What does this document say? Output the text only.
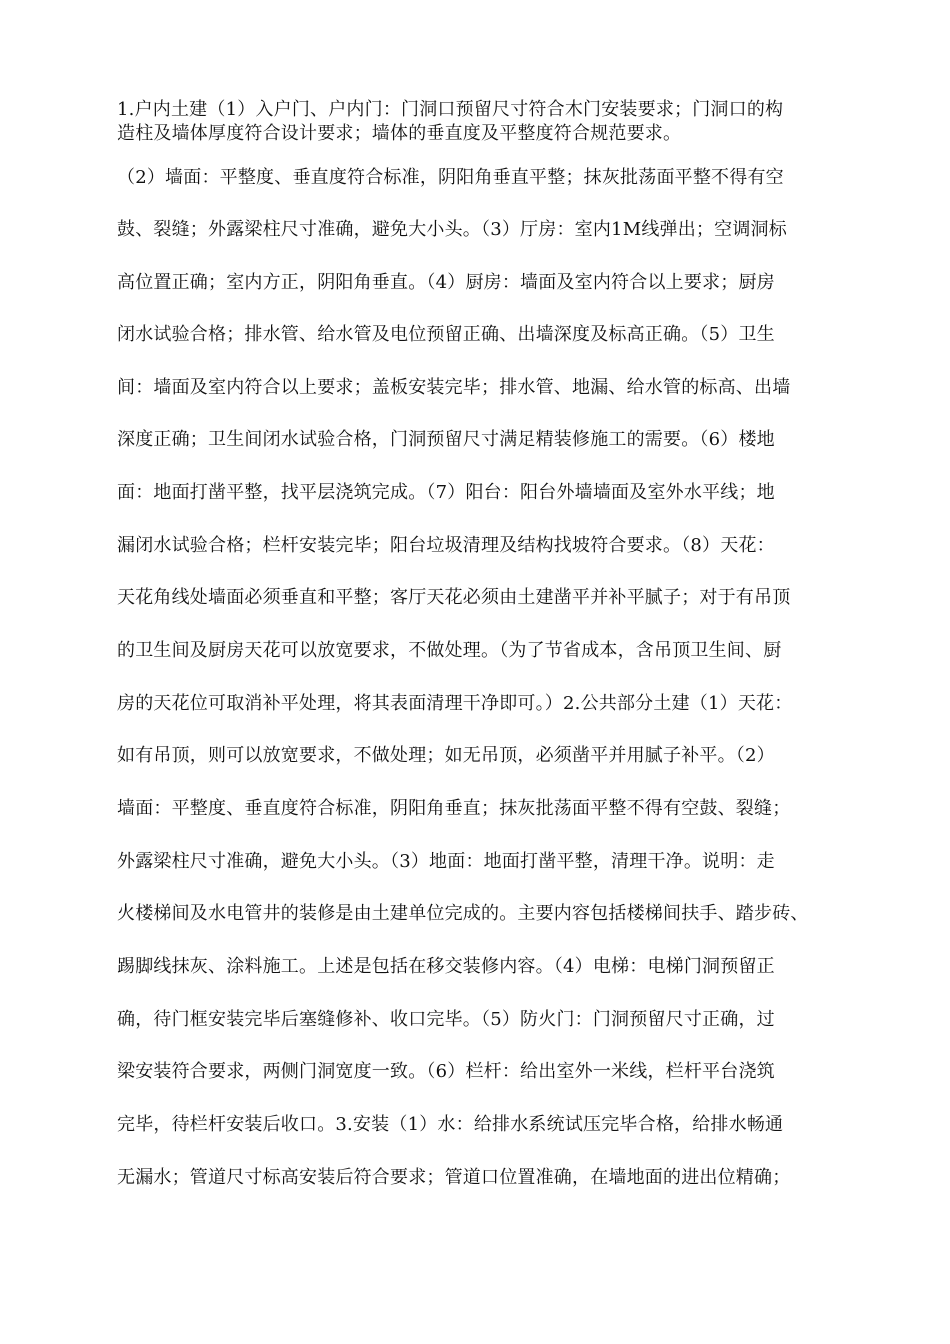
1.户内土建（1）入户门、户内门：门洞口预留尺寸符合木门安装要求；门洞口的构
造柱及墙体厚度符合设计要求；墙体的垂直度及平整度符合规范要求。
（2）墙面：平整度、垂直度符合标准，阴阳角垂直平整；抹灰批荡面平整不得有空
鼓、裂缝；外露梁柱尺寸准确，避免大小头。（3）厅房：室内1M线弹出；空调洞标
高位置正确；室内方正，阴阳角垂直。（4）厨房：墙面及室内符合以上要求；厨房
闭水试验合格；排水管、给水管及电位预留正确、出墙深度及标高正确。（5）卫生
间：墙面及室内符合以上要求；盖板安装完毕；排水管、地漏、给水管的标高、出墙
深度正确；卫生间闭水试验合格，门洞预留尺寸满足精装修施工的需要。（6）楼地
面：地面打凿平整，找平层浇筑完成。（7）阳台：阳台外墙墙面及室外水平线；地
漏闭水试验合格；栏杆安装完毕；阳台垃圾清理及结构找坡符合要求。（8）天花：
天花角线处墙面必须垂直和平整；客厅天花必须由土建凿平并补平腻子；对于有吊顶
的卫生间及厨房天花可以放宽要求，不做处理。（为了节省成本，含吊顶卫生间、厨
房的天花位可取消补平处理，将其表面清理干净即可。）2.公共部分土建（1）天花：
如有吊顶，则可以放宽要求，不做处理；如无吊顶，必须凿平并用腻子补平。（2）
墙面：平整度、垂直度符合标准，阴阳角垂直；抹灰批荡面平整不得有空鼓、裂缝；
外露梁柱尺寸准确，避免大小头。（3）地面：地面打凿平整，清理干净。说明：走
火楼梯间及水电管井的装修是由土建单位完成的。主要内容包括楼梯间扶手、踏步砖、
踢脚线抹灰、涂料施工。上述是包括在移交装修内容。（4）电梯：电梯门洞预留正
确，待门框安装完毕后塞缝修补、收口完毕。（5）防火门：门洞预留尺寸正确，过
梁安装符合要求，两侧门洞宽度一致。（6）栏杆：给出室外一米线，栏杆平台浇筑
完毕，待栏杆安装后收口。3.安装（1）水：给排水系统试压完毕合格，给排水畅通
无漏水；管道尺寸标高安装后符合要求；管道口位置准确，在墙地面的进出位精确；
